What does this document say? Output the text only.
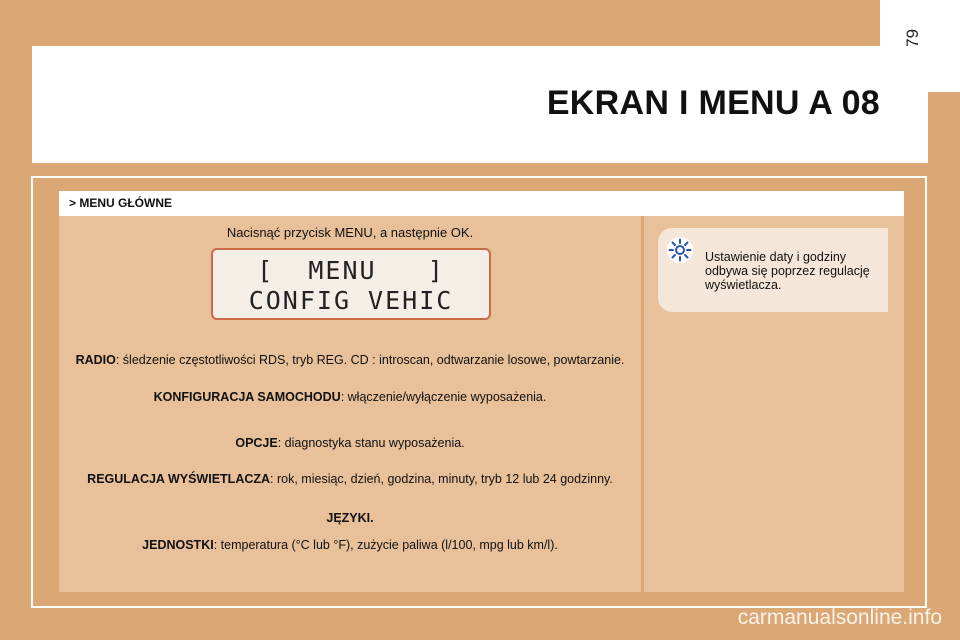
EKRAN I MENU A 08
> MENU GŁÓWNE
Nacisnąć przycisk MENU, a następnie OK.
[  MENU   ]
CONFIG VEHIC
RADIO: śledzenie częstotliwości RDS, tryb REG. CD : introscan, odtwarzanie losowe, powtarzanie.
KONFIGURACJA SAMOCHODU: włączenie/wyłączenie wyposażenia.
OPCJE: diagnostyka stanu wyposażenia.
REGULACJA WYŚWIETLACZA: rok, miesiąc, dzień, godzina, minuty, tryb 12 lub 24 godzinny.
JĘZYKI.
JEDNOSTKI: temperatura (°C lub °F), zużycie paliwa (l/100, mpg lub km/l).
Ustawienie daty i godziny odbywa się poprzez regulację wyświetlacza.
carmanualsonline.info
